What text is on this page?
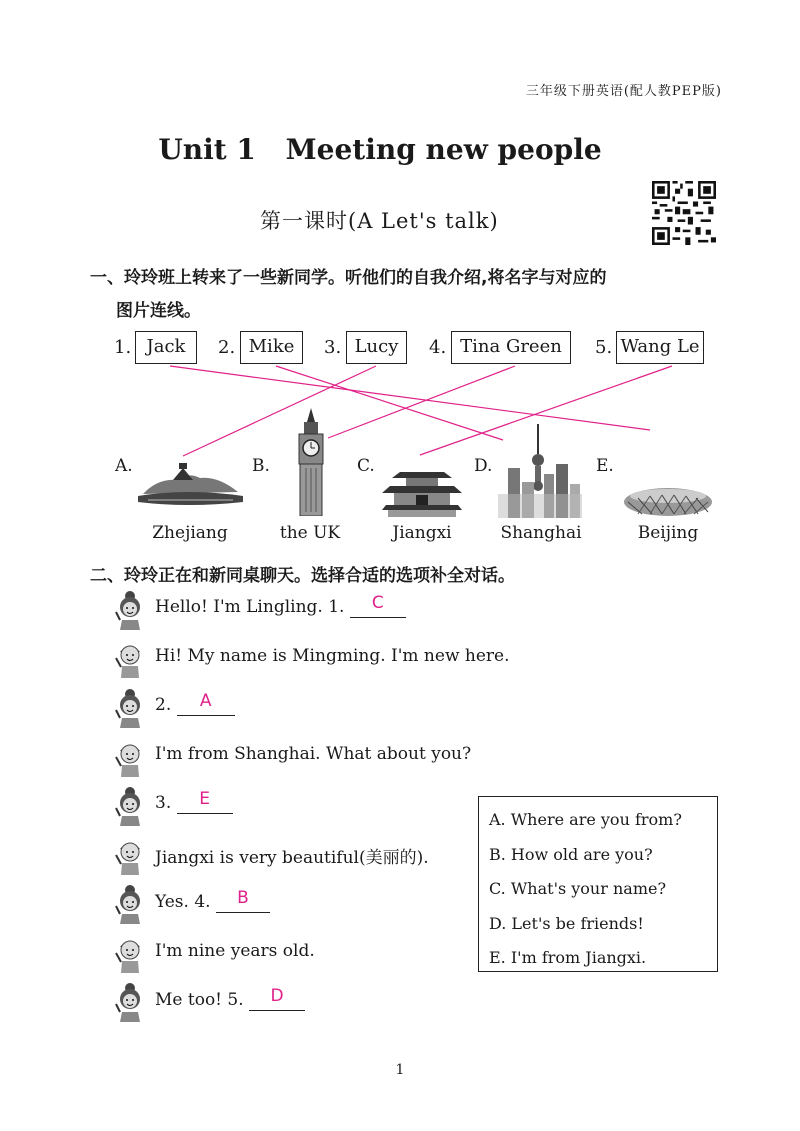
三年级下册英语(配人教PEP版)
Unit 1 Meeting new people
第一课时(A Let's talk)
一、玲玲班上转来了一些新同学。听他们的自我介绍,将名字与对应的
图片连线。
1. Jack	2. Mike	3. Lucy	4. Tina Green	5. Wang Le
A.	B.	C.	D.	E.
Zhejiang	the UK	Jiangxi	Shanghai	Beijing
二、玲玲正在和新同桌聊天。选择合适的选项补全对话。
Hello! I'm Lingling. 1. C
Hi! My name is Mingming. I'm new here.
2. A
I'm from Shanghai. What about you?
3. E
Jiangxi is very beautiful(美丽的).
Yes. 4. B
I'm nine years old.
Me too! 5. D
A. Where are you from?
B. How old are you?
C. What's your name?
D. Let's be friends!
E. I'm from Jiangxi.
1
